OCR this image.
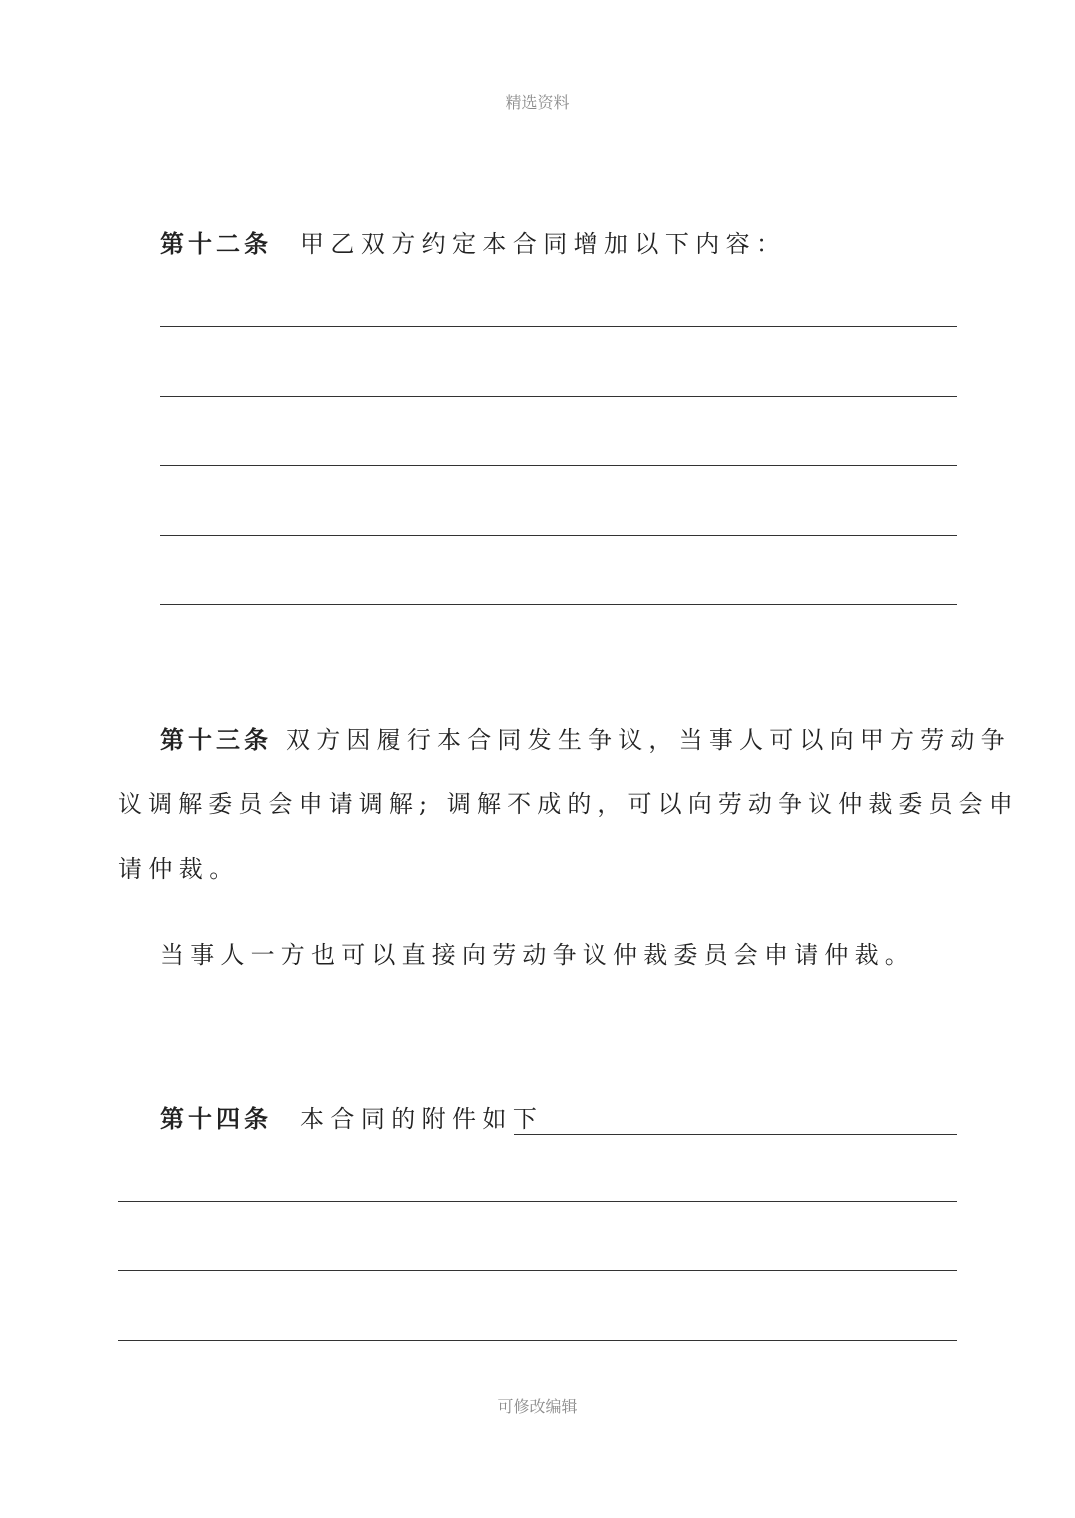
精选资料
第十二条 甲乙双方约定本合同增加以下内容：
第十三条 双方因履行本合同发生争议，当事人可以向甲方劳动争
议调解委员会申请调解; 调解不成的，可以向劳动争议仲裁委员会申
请仲裁。
当事人一方也可以直接向劳动争议仲裁委员会申请仲裁。
第十四条 本合同的附件如下
可修改编辑
